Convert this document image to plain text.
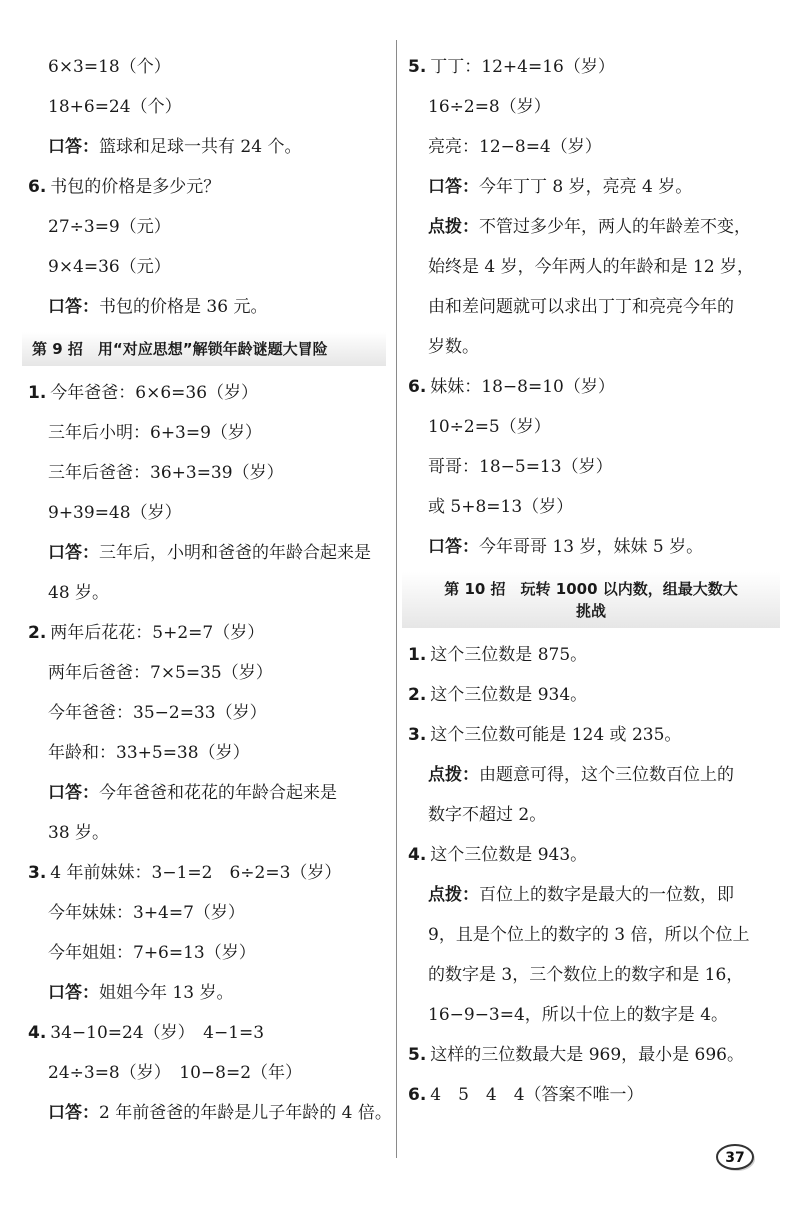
6×3=18（个）
18+6=24（个）
口答：篮球和足球一共有 24 个。
6. 书包的价格是多少元？
27÷3=9（元）
9×4=36（元）
口答：书包的价格是 36 元。
第 9 招　用“对应思想”解锁年龄谜题大冒险
1. 今年爸爸：6×6=36（岁）
三年后小明：6+3=9（岁）
三年后爸爸：36+3=39（岁）
9+39=48（岁）
口答：三年后，小明和爸爸的年龄合起来是
48 岁。
2. 两年后花花：5+2=7（岁）
两年后爸爸：7×5=35（岁）
今年爸爸：35−2=33（岁）
年龄和：33+5=38（岁）
口答：今年爸爸和花花的年龄合起来是
38 岁。
3. 4 年前妹妹：3−1=2　6÷2=3（岁）
今年妹妹：3+4=7（岁）
今年姐姐：7+6=13（岁）
口答：姐姐今年 13 岁。
4. 34−10=24（岁）　4−1=3
24÷3=8（岁）　10−8=2（年）
口答：2 年前爸爸的年龄是儿子年龄的 4 倍。
5. 丁丁：12+4=16（岁）
16÷2=8（岁）
亮亮：12−8=4（岁）
口答：今年丁丁 8 岁，亮亮 4 岁。
点拨：不管过多少年，两人的年龄差不变，
始终是 4 岁，今年两人的年龄和是 12 岁，
由和差问题就可以求出丁丁和亮亮今年的
岁数。
6. 妹妹：18−8=10（岁）
10÷2=5（岁）
哥哥：18−5=13（岁）
或 5+8=13（岁）
口答：今年哥哥 13 岁，妹妹 5 岁。
第 10 招　玩转 1000 以内数，组最大数大
挑战
1. 这个三位数是 875。
2. 这个三位数是 934。
3. 这个三位数可能是 124 或 235。
点拨：由题意可得，这个三位数百位上的
数字不超过 2。
4. 这个三位数是 943。
点拨：百位上的数字是最大的一位数，即
9，且是个位上的数字的 3 倍，所以个位上
的数字是 3，三个数位上的数字和是 16，
16−9−3=4，所以十位上的数字是 4。
5. 这样的三位数最大是 969，最小是 696。
6. 4　5　4　4（答案不唯一）
37
